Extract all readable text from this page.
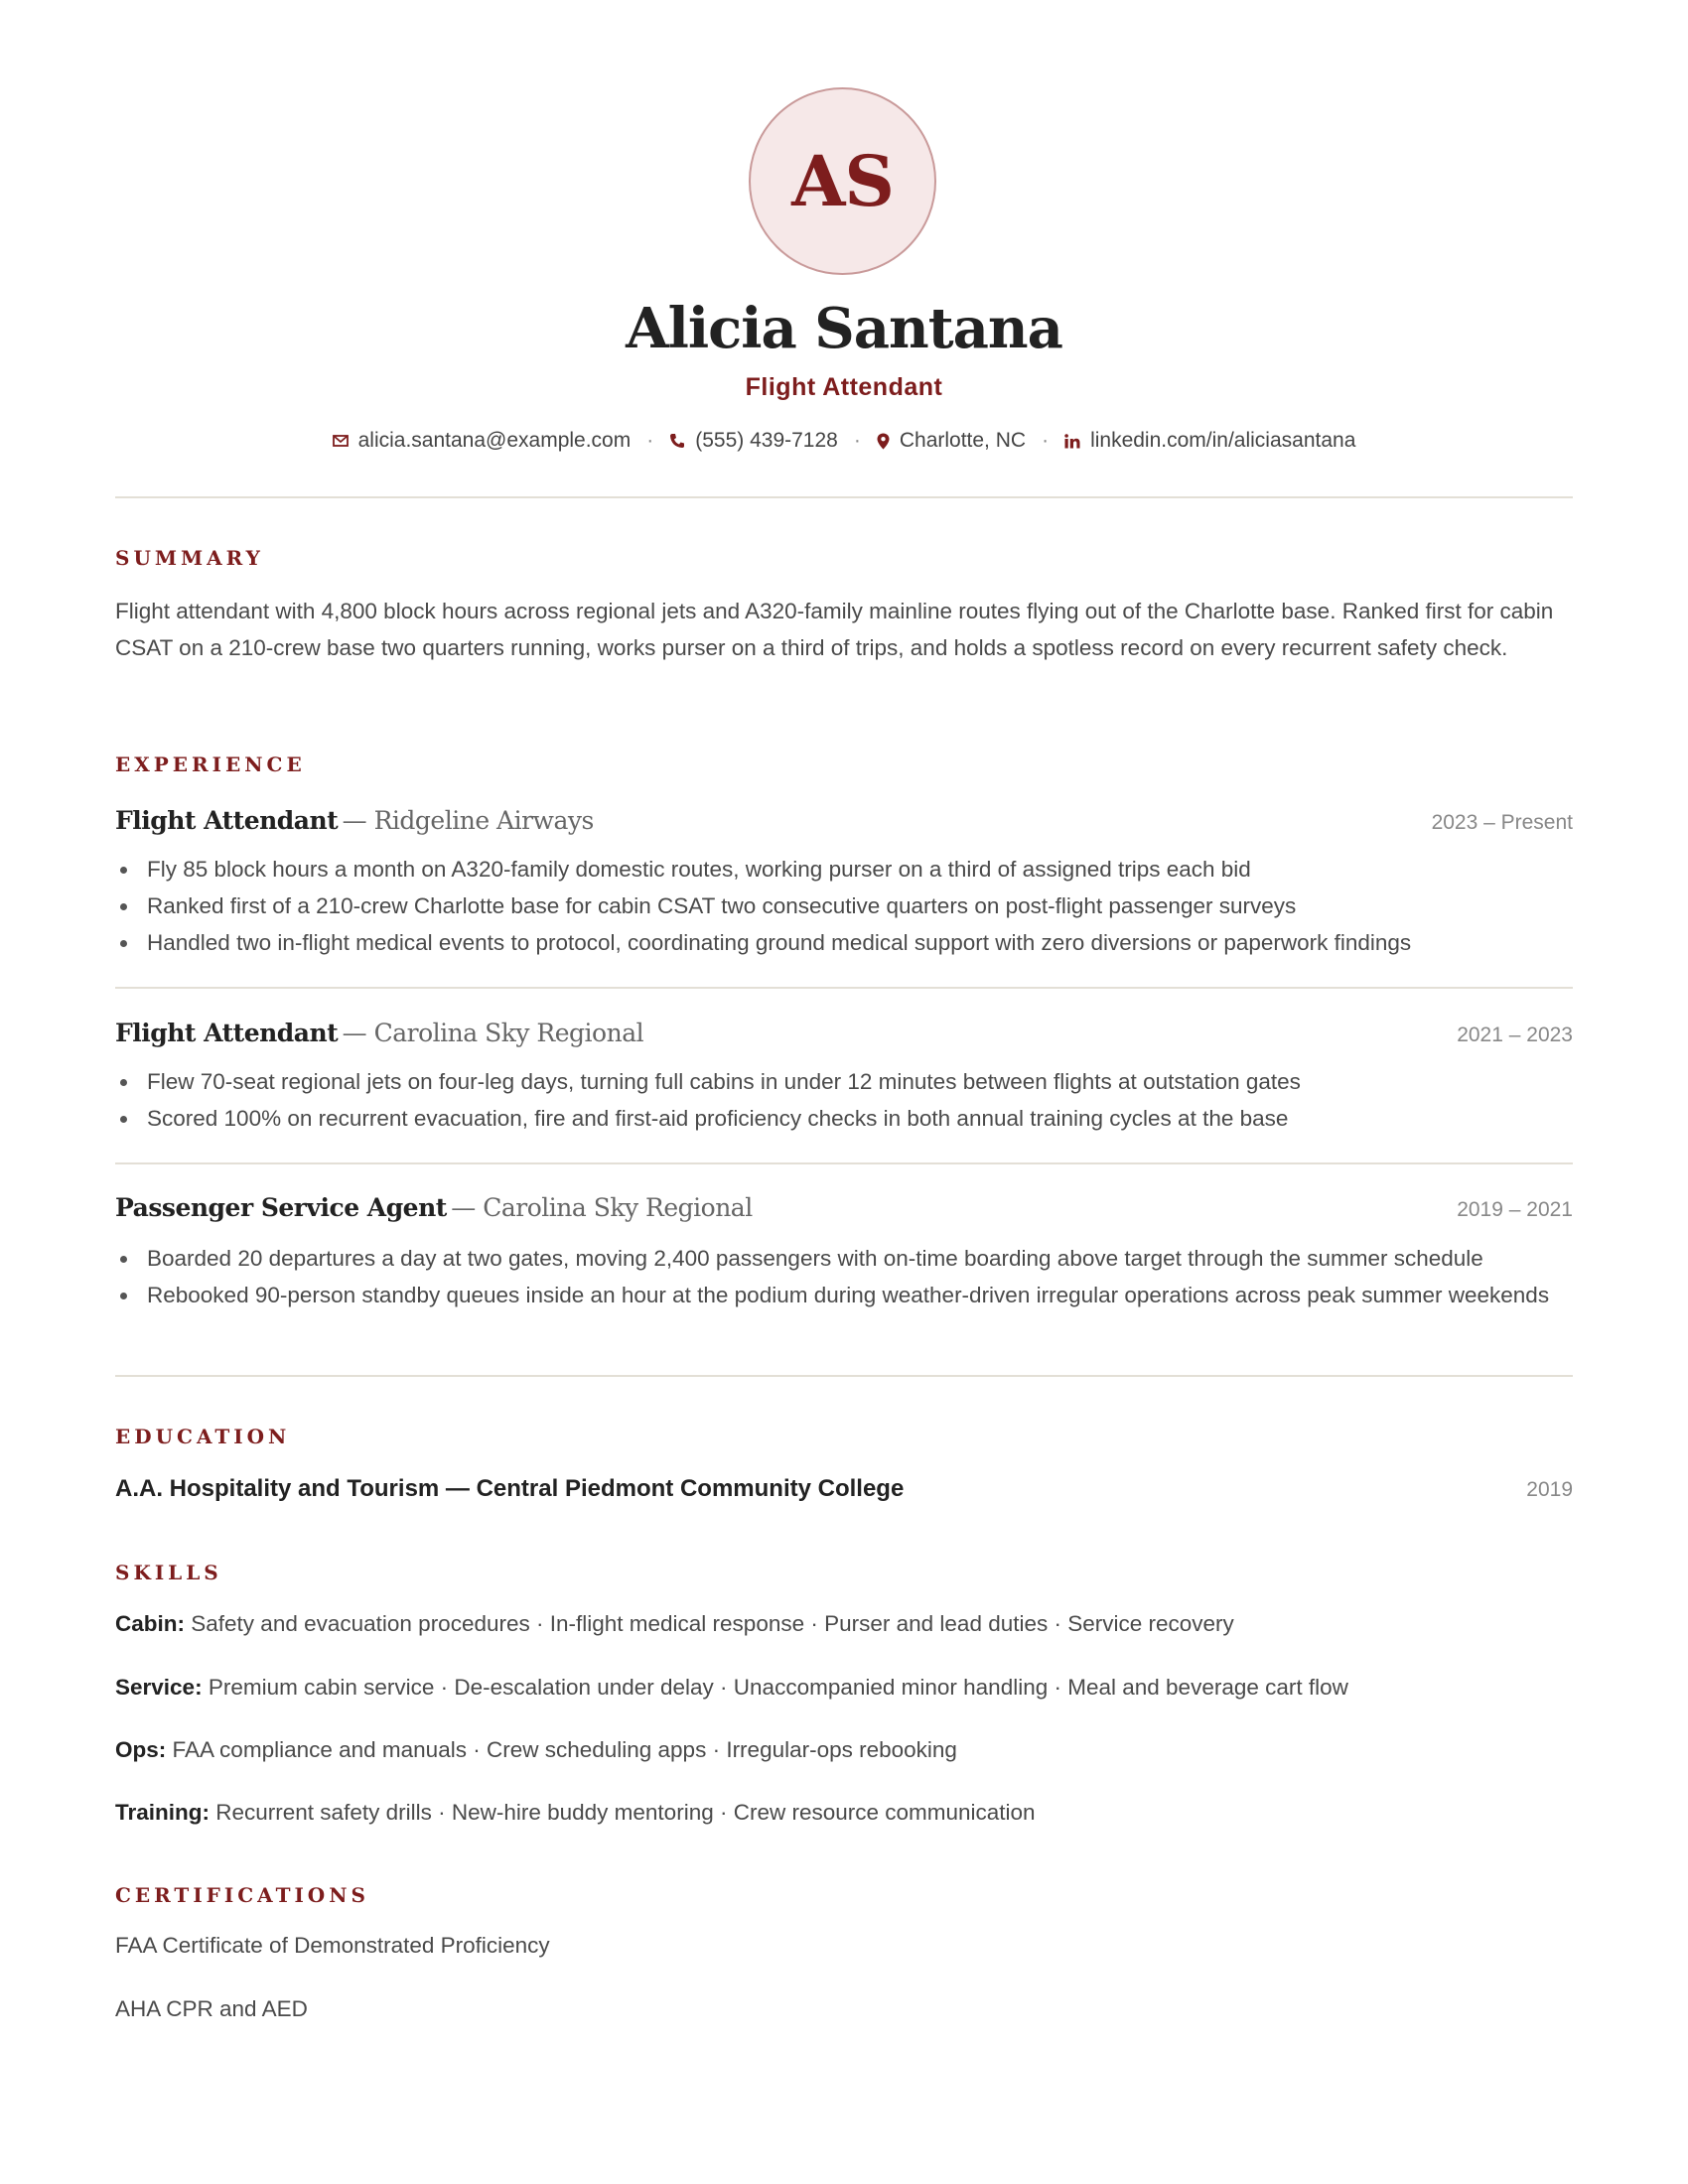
AS
Alicia Santana
Flight Attendant
alicia.santana@example.com · (555) 439-7128 · Charlotte, NC · linkedin.com/in/aliciasantana
SUMMARY
Flight attendant with 4,800 block hours across regional jets and A320-family mainline routes flying out of the Charlotte base. Ranked first for cabin CSAT on a 210-crew base two quarters running, works purser on a third of trips, and holds a spotless record on every recurrent safety check.
EXPERIENCE
Flight Attendant — Ridgeline Airways	2023 – Present
Fly 85 block hours a month on A320-family domestic routes, working purser on a third of assigned trips each bid
Ranked first of a 210-crew Charlotte base for cabin CSAT two consecutive quarters on post-flight passenger surveys
Handled two in-flight medical events to protocol, coordinating ground medical support with zero diversions or paperwork findings
Flight Attendant — Carolina Sky Regional	2021 – 2023
Flew 70-seat regional jets on four-leg days, turning full cabins in under 12 minutes between flights at outstation gates
Scored 100% on recurrent evacuation, fire and first-aid proficiency checks in both annual training cycles at the base
Passenger Service Agent — Carolina Sky Regional	2019 – 2021
Boarded 20 departures a day at two gates, moving 2,400 passengers with on-time boarding above target through the summer schedule
Rebooked 90-person standby queues inside an hour at the podium during weather-driven irregular operations across peak summer weekends
EDUCATION
A.A. Hospitality and Tourism — Central Piedmont Community College	2019
SKILLS
Cabin: Safety and evacuation procedures · In-flight medical response · Purser and lead duties · Service recovery
Service: Premium cabin service · De-escalation under delay · Unaccompanied minor handling · Meal and beverage cart flow
Ops: FAA compliance and manuals · Crew scheduling apps · Irregular-ops rebooking
Training: Recurrent safety drills · New-hire buddy mentoring · Crew resource communication
CERTIFICATIONS
FAA Certificate of Demonstrated Proficiency
AHA CPR and AED
